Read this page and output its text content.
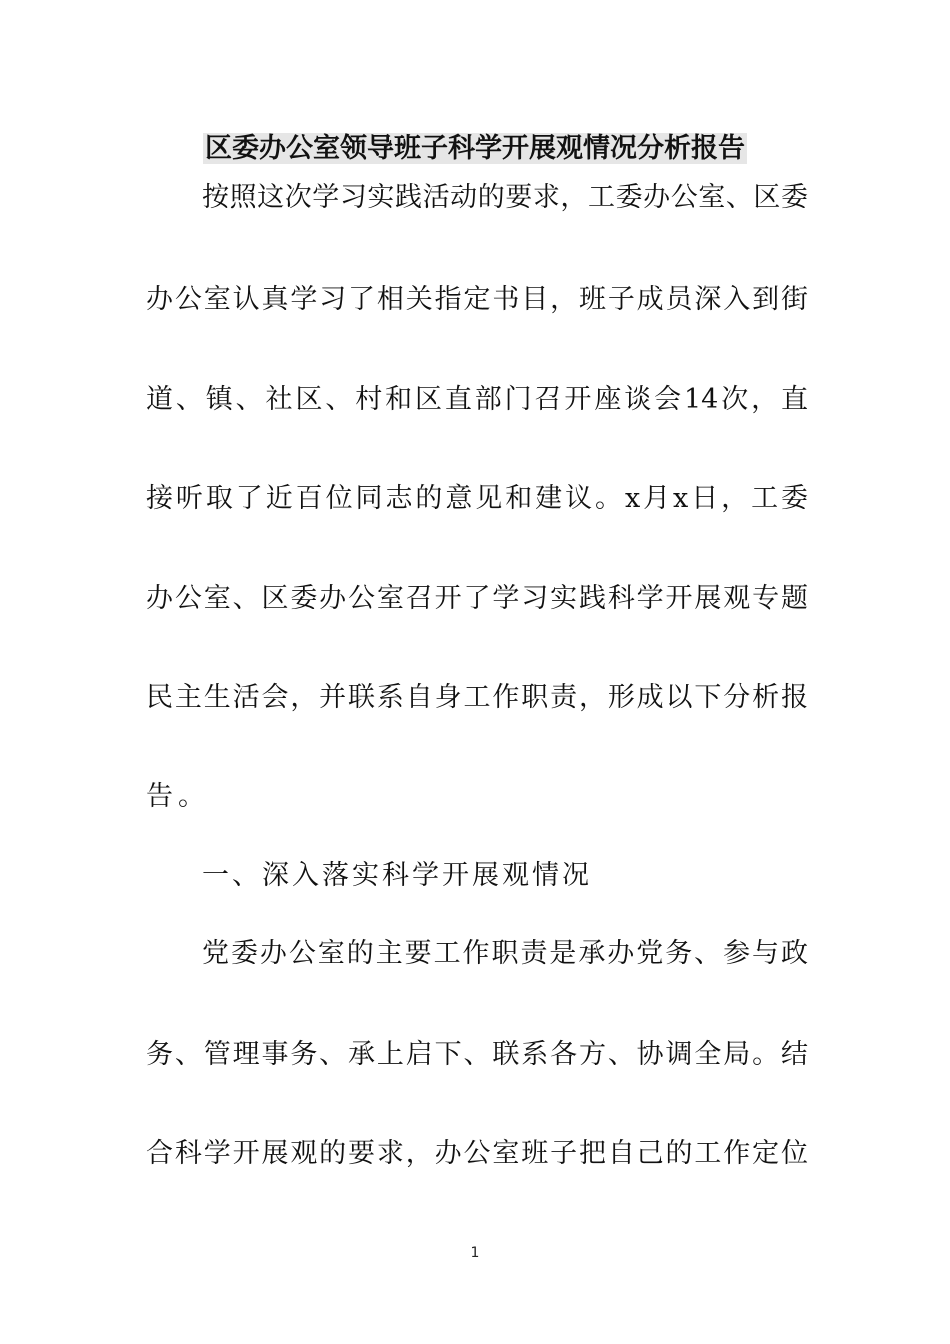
区委办公室领导班子科学开展观情况分析报告
按照这次学习实践活动的要求，工委办公室、区委
办公室认真学习了相关指定书目，班子成员深入到街
道、镇、社区、村和区直部门召开座谈会14次，直
接听取了近百位同志的意见和建议。x月x日，工委
办公室、区委办公室召开了学习实践科学开展观专题
民主生活会，并联系自身工作职责，形成以下分析报
告。
一、深入落实科学开展观情况
党委办公室的主要工作职责是承办党务、参与政
务、管理事务、承上启下、联系各方、协调全局。结
合科学开展观的要求，办公室班子把自己的工作定位
1
